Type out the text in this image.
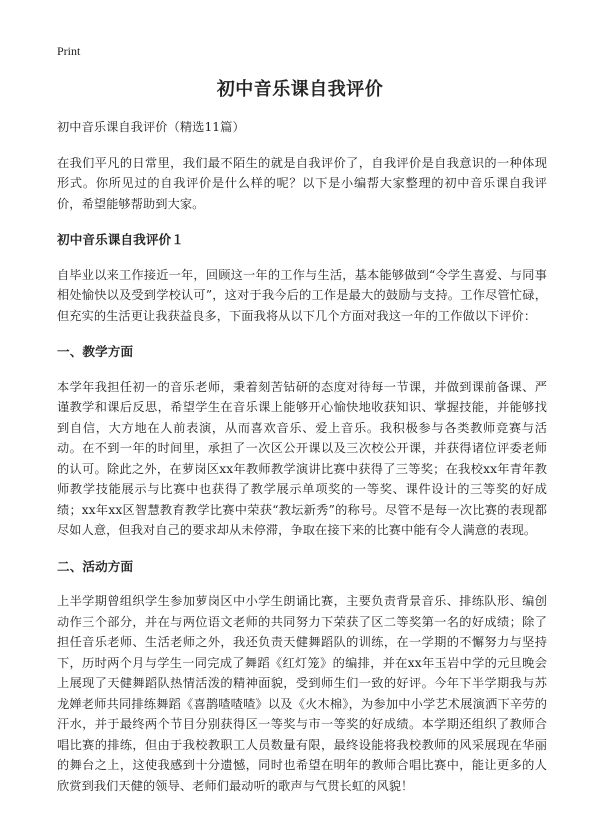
Print
初中音乐课自我评价

初中音乐课自我评价（精选11篇）

在我们平凡的日常里，我们最不陌生的就是自我评价了，自我评价是自我意识的一种体现形式。你所见过的自我评价是什么样的呢？以下是小编帮大家整理的初中音乐课自我评价，希望能够帮助到大家。

初中音乐课自我评价１

自毕业以来工作接近一年，回顾这一年的工作与生活，基本能够做到“令学生喜爱、与同事相处愉快以及受到学校认可”，这对于我今后的工作是最大的鼓励与支持。工作尽管忙碌，但充实的生活更让我获益良多，下面我将从以下几个方面对我这一年的工作做以下评价：

一、教学方面

本学年我担任初一的音乐老师，秉着刻苦钻研的态度对待每一节课，并做到课前备课、严谨教学和课后反思，希望学生在音乐课上能够开心愉快地收获知识、掌握技能，并能够找到自信，大方地在人前表演，从而喜欢音乐、爱上音乐。我积极参与各类教师竞赛与活动。在不到一年的时间里，承担了一次区公开课以及三次校公开课，并获得诸位评委老师的认可。除此之外，在萝岗区xx年教师教学演讲比赛中获得了三等奖；在我校xx年青年教师教学技能展示与比赛中也获得了教学展示单项奖的一等奖、课件设计的三等奖的好成绩；xx年xx区智慧教育教学比赛中荣获“教坛新秀”的称号。尽管不是每一次比赛的表现都尽如人意，但我对自己的要求却从未停滞，争取在接下来的比赛中能有令人满意的表现。

二、活动方面

上半学期曾组织学生参加萝岗区中小学生朗诵比赛，主要负责背景音乐、排练队形、编创动作三个部分，并在与两位语文老师的共同努力下荣获了区二等奖第一名的好成绩；除了担任音乐老师、生活老师之外，我还负责天健舞蹈队的训练，在一学期的不懈努力与坚持下，历时两个月与学生一同完成了舞蹈《红灯笼》的编排，并在xx年玉岩中学的元旦晚会上展现了天健舞蹈队热情活泼的精神面貌，受到师生们一致的好评。今年下半学期我与苏龙婵老师共同排练舞蹈《喜鹊喳喳喳》以及《火木棉》，为参加中小学艺术展演洒下辛劳的汗水，并于最终两个节目分别获得区一等奖与市一等奖的好成绩。本学期还组织了教师合唱比赛的排练，但由于我校教职工人员数量有限，最终设能将我校教师的风采展现在华丽的舞台之上，这使我感到十分遗憾，同时也希望在明年的教师合唱比赛中，能让更多的人欣赏到我们天健的领导、老师们最动听的歌声与气贯长虹的风貌！
